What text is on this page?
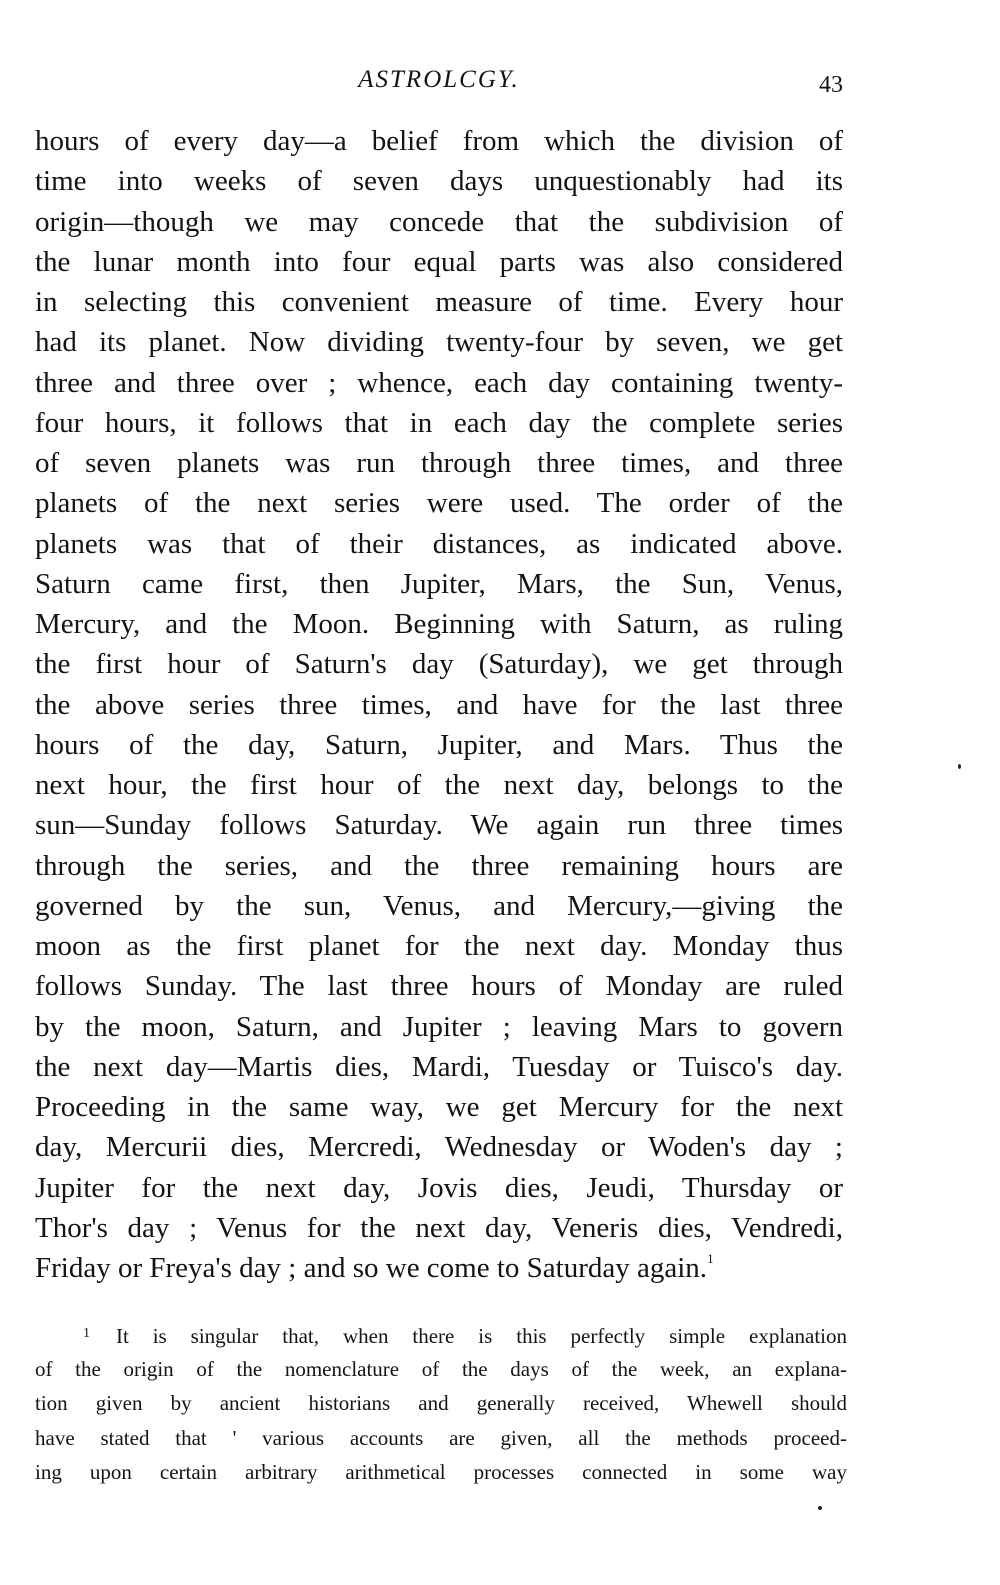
ASTROLCGY.	43
hours of every day—a belief from which the division of
time into weeks of seven days unquestionably had its
origin—though we may concede that the subdivision of
the lunar month into four equal parts was also considered
in selecting this convenient measure of time. Every hour
had its planet. Now dividing twenty-four by seven, we get
three and three over ; whence, each day containing twenty-
four hours, it follows that in each day the complete series
of seven planets was run through three times, and three
planets of the next series were used. The order of the
planets was that of their distances, as indicated above.
Saturn came first, then Jupiter, Mars, the Sun, Venus,
Mercury, and the Moon. Beginning with Saturn, as ruling
the first hour of Saturn's day (Saturday), we get through
the above series three times, and have for the last three
hours of the day, Saturn, Jupiter, and Mars. Thus the
next hour, the first hour of the next day, belongs to the
sun—Sunday follows Saturday. We again run three times
through the series, and the three remaining hours are
governed by the sun, Venus, and Mercury,—giving the
moon as the first planet for the next day. Monday thus
follows Sunday. The last three hours of Monday are ruled
by the moon, Saturn, and Jupiter ; leaving Mars to govern
the next day—Martis dies, Mardi, Tuesday or Tuisco's day.
Proceeding in the same way, we get Mercury for the next
day, Mercurii dies, Mercredi, Wednesday or Woden's day ;
Jupiter for the next day, Jovis dies, Jeudi, Thursday or
Thor's day ; Venus for the next day, Veneris dies, Vendredi,
Friday or Freya's day ; and so we come to Saturday again.$^1$
$^1$ It is singular that, when there is this perfectly simple explanation
of the origin of the nomenclature of the days of the week, an explana-
tion given by ancient historians and generally received, Whewell should
have stated that ' various accounts are given, all the methods proceed-
ing upon certain arbitrary arithmetical processes connected in some way
